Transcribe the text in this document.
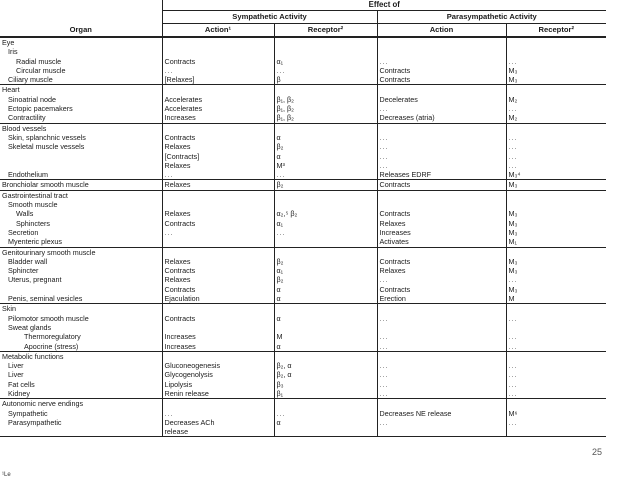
	Effect of			
	Sympathetic Activity		Parasympathetic Activity	
Organ	Action¹	Receptor²	Action	Receptor²
Eye				
Iris				
Radial muscle	Contracts	α₁	...	...
Circular muscle	...	...	Contracts	M₃
Ciliary muscle	[Relaxes]	β	Contracts	M₃
Heart				
Sinoatrial node	Accelerates	β₁, β₂	Decelerates	M₂
Ectopic pacemakers	Accelerates	β₁, β₂	...	...
Contractility	Increases	β₁, β₂	Decreases (atria)	M₂
Blood vessels				
Skin, splanchnic vessels	Contracts	α	...	...
Skeletal muscle vessels	Relaxes	β₂	...	...
	[Contracts]	α	...	...
	Relaxes	M³	...	...
Endothelium	...	...	Releases EDRF	M₃⁴
Bronchiolar smooth muscle	Relaxes	β₂	Contracts	M₃
Gastrointestinal tract				
Smooth muscle				
Walls	Relaxes	α₂,⁵ β₂	Contracts	M₃
Sphincters	Contracts	α₁	Relaxes	M₃
Secretion	...	...	Increases	M₃
Myenteric plexus			Activates	M₁
Genitourinary smooth muscle				
Bladder wall	Relaxes	β₂	Contracts	M₃
Sphincter	Contracts	α₁	Relaxes	M₃
Uterus, pregnant	Relaxes	β₂	...	...
	Contracts	α	Contracts	M₃
Penis, seminal vesicles	Ejaculation	α	Erection	M
Skin				
Pilomotor smooth muscle	Contracts	α	...	...
Sweat glands				
Thermoregulatory	Increases	M	...	...
Apocrine (stress)	Increases	α	...	...
Metabolic functions				
Liver	Gluconeogenesis	β₂, α	...	...
Liver	Glycogenolysis	β₂, α	...	...
Fat cells	Lipolysis	β₃	...	...
Kidney	Renin release	β₁	...	...
Autonomic nerve endings				
Sympathetic	...	...	Decreases NE release	M⁶
Parasympathetic	Decreases ACh	α	...	...
	release			
25
¹Le
